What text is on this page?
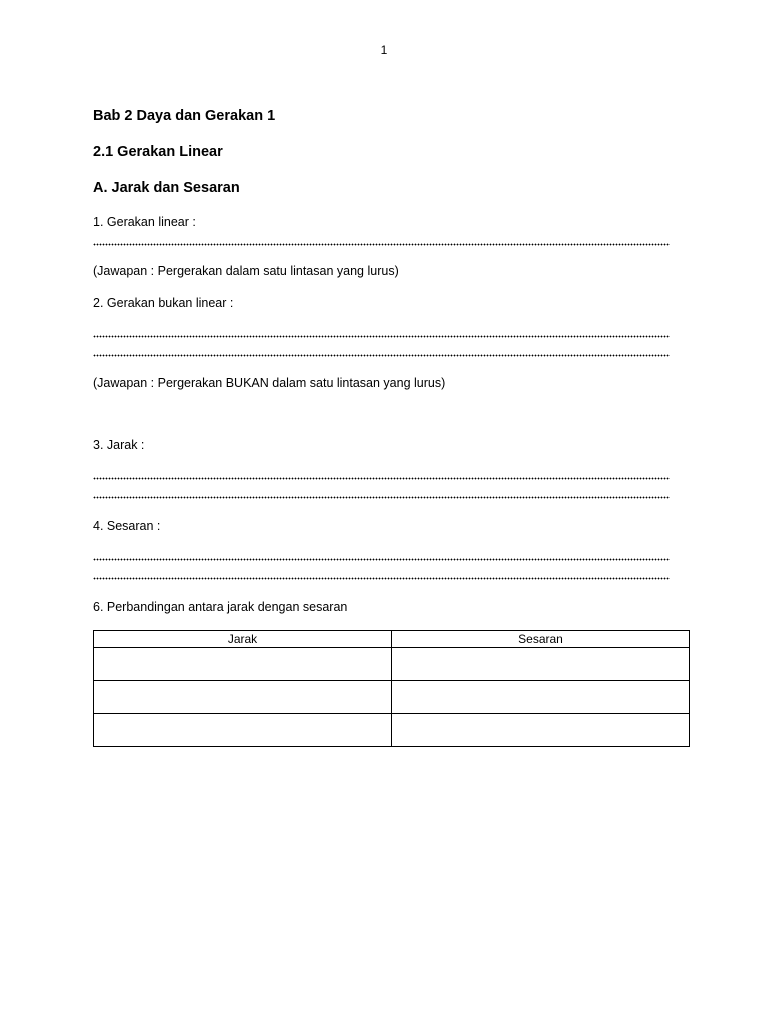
1
Bab 2 Daya dan Gerakan 1
2.1 Gerakan Linear
A. Jarak dan Sesaran
1. Gerakan linear :
(Jawapan : Pergerakan dalam satu lintasan yang lurus)
2. Gerakan bukan linear :
(Jawapan : Pergerakan BUKAN dalam satu lintasan yang lurus)
3. Jarak :
4. Sesaran :
6. Perbandingan antara jarak dengan sesaran
Jarak	Sesaran
